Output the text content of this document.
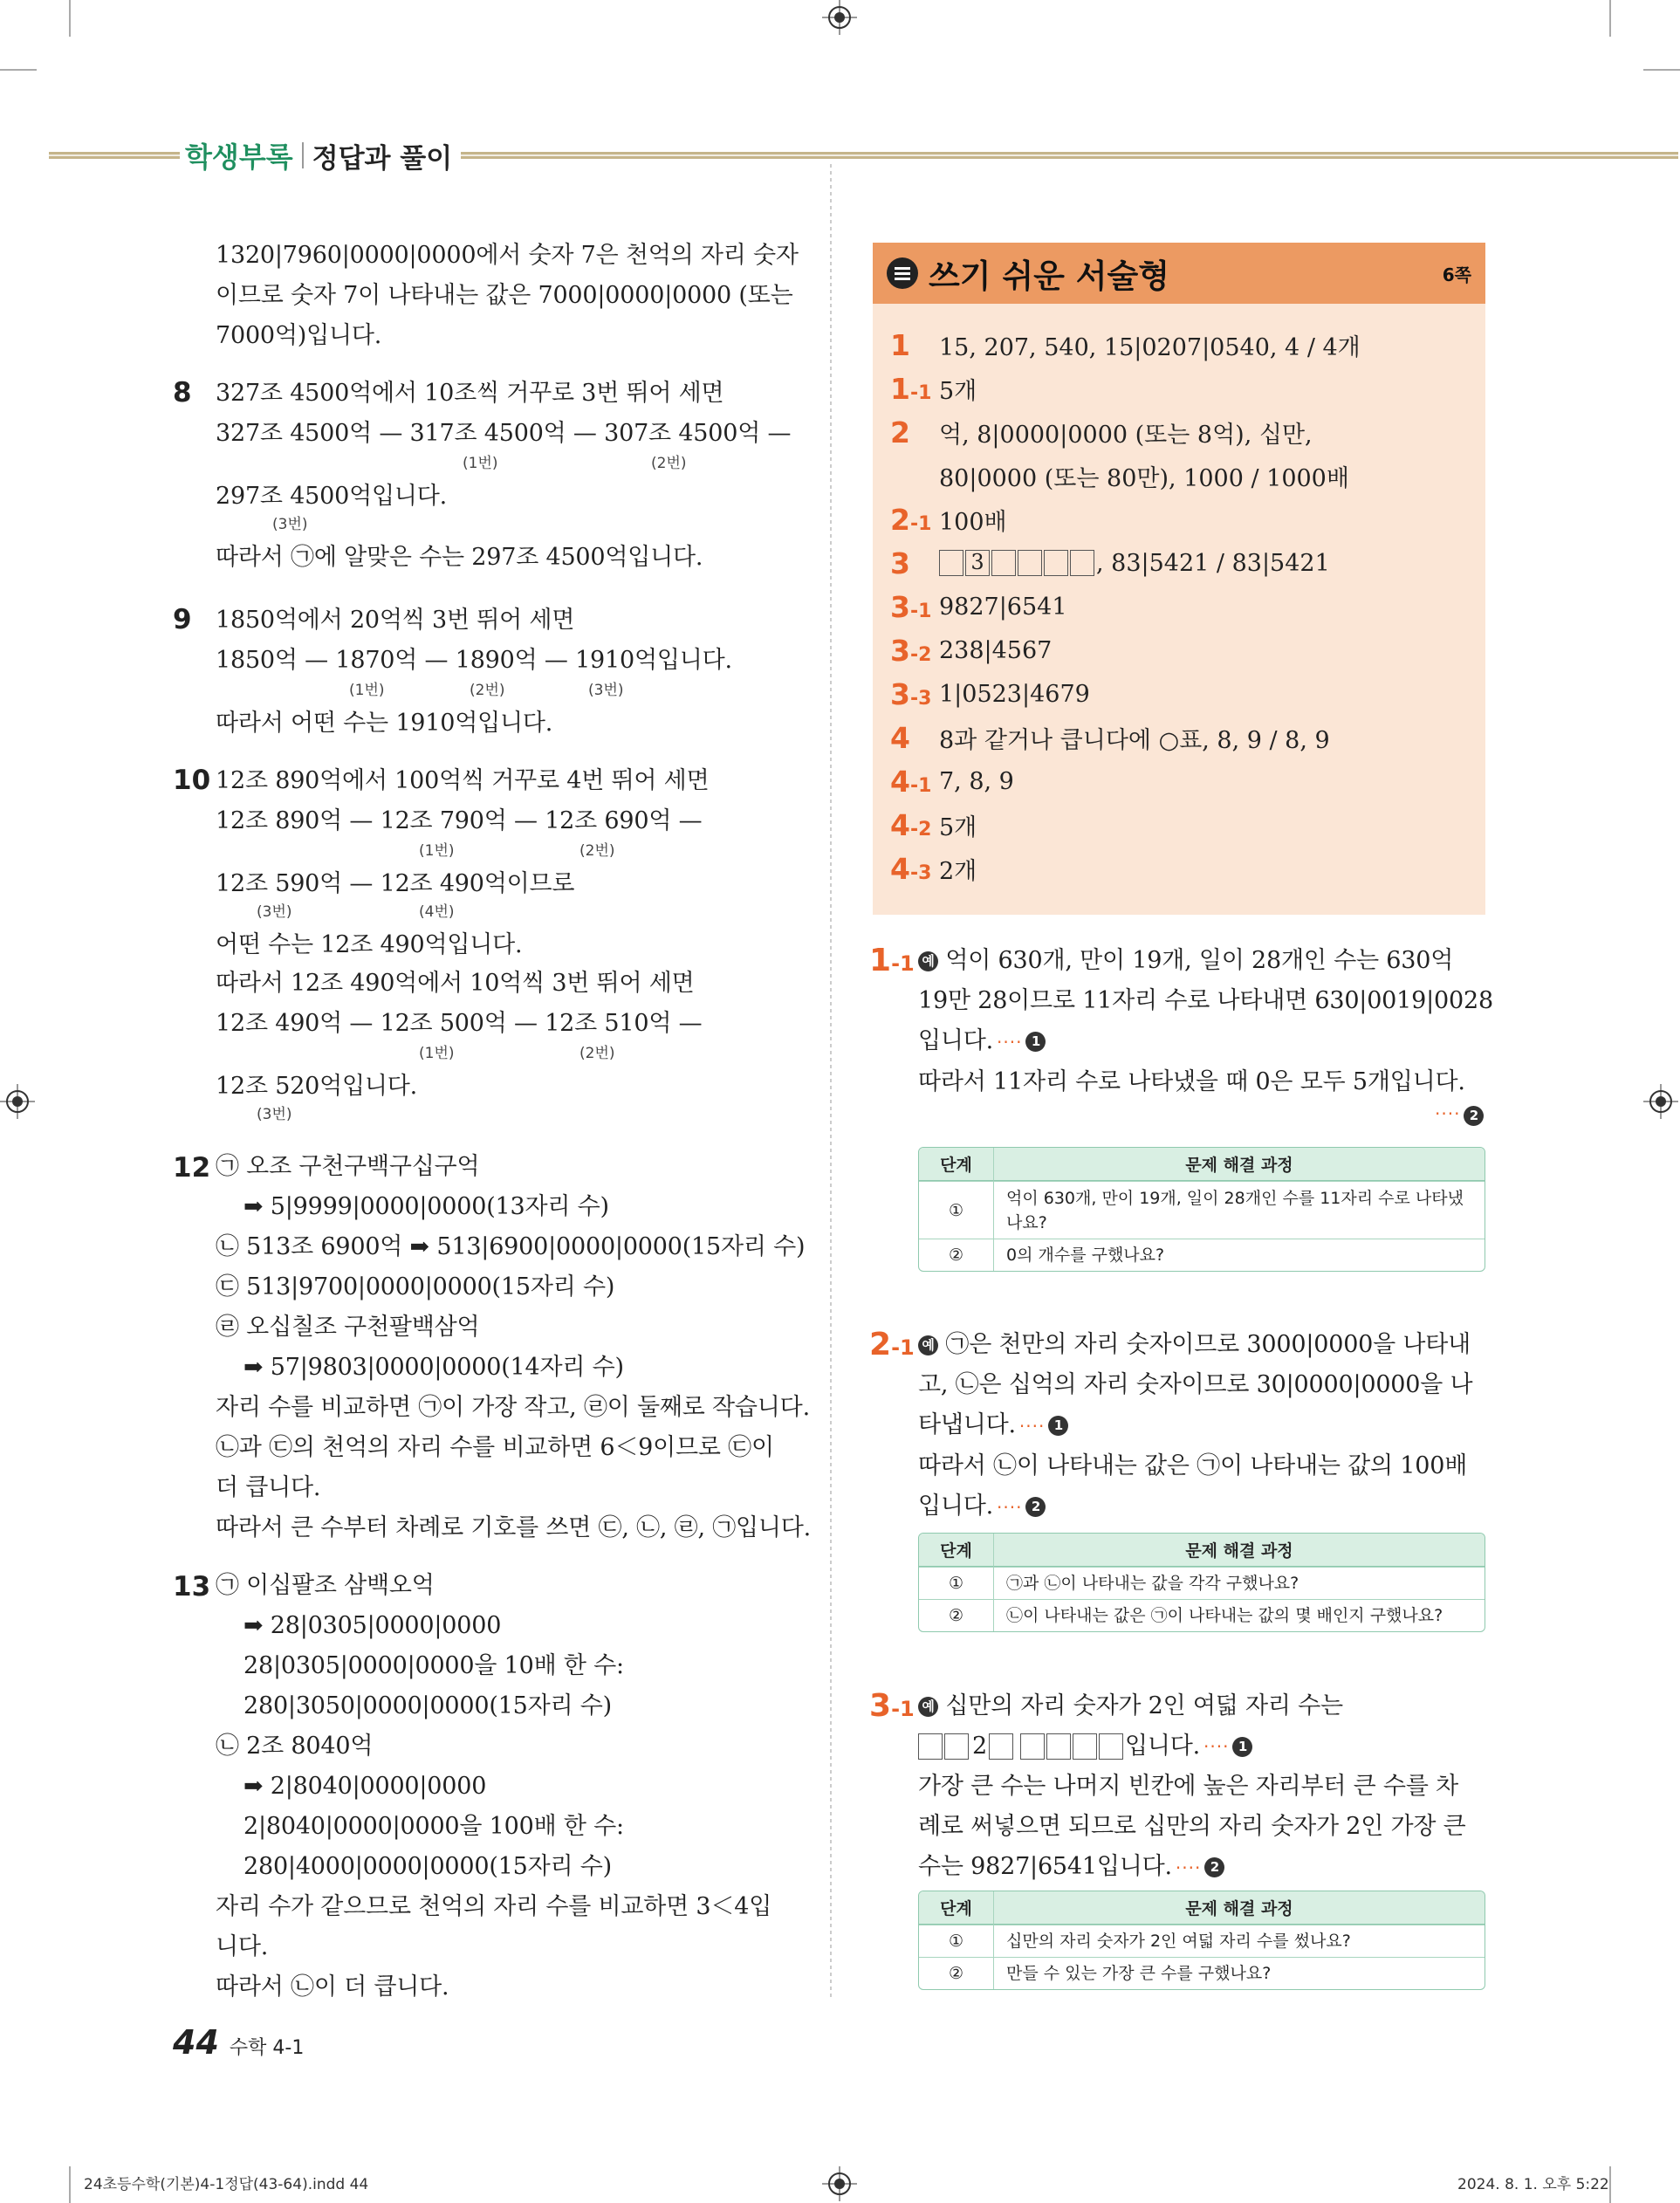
학생부록 정답과 풀이
1320|7960|0000|0000에서 숫자 7은 천억의 자리 숫자
이므로 숫자 7이 나타내는 값은 7000|0000|0000 (또는
7000억)입니다.
8 327조 4500억에서 10조씩 거꾸로 3번 뛰어 세면
327조 4500억 — 317조 4500억 — 307조 4500억 —
(1번)	(2번)
297조 4500억입니다.
(3번)
따라서 ㉠에 알맞은 수는 297조 4500억입니다.
9 1850억에서 20억씩 3번 뛰어 세면
1850억 — 1870억 — 1890억 — 1910억입니다.
(1번)	(2번)	(3번)
따라서 어떤 수는 1910억입니다.
10 12조 890억에서 100억씩 거꾸로 4번 뛰어 세면
12조 890억 — 12조 790억 — 12조 690억 —
(1번)	(2번)
12조 590억 — 12조 490억이므로
(3번)	(4번)
어떤 수는 12조 490억입니다.
따라서 12조 490억에서 10억씩 3번 뛰어 세면
12조 490억 — 12조 500억 — 12조 510억 —
(1번)	(2번)
12조 520억입니다.
(3번)
12 ㉠ 오조 구천구백구십구억
➡ 5|9999|0000|0000(13자리 수)
㉡ 513조 6900억 ➡ 513|6900|0000|0000(15자리 수)
㉢ 513|9700|0000|0000(15자리 수)
㉣ 오십칠조 구천팔백삼억
➡ 57|9803|0000|0000(14자리 수)
자리 수를 비교하면 ㉠이 가장 작고, ㉣이 둘째로 작습니다.
㉡과 ㉢의 천억의 자리 수를 비교하면 6＜9이므로 ㉢이
더 큽니다.
따라서 큰 수부터 차례로 기호를 쓰면 ㉢, ㉡, ㉣, ㉠입니다.
13 ㉠ 이십팔조 삼백오억
➡ 28|0305|0000|0000
28|0305|0000|0000을 10배 한 수:
280|3050|0000|0000(15자리 수)
㉡ 2조 8040억
➡ 2|8040|0000|0000
2|8040|0000|0000을 100배 한 수:
280|4000|0000|0000(15자리 수)
자리 수가 같으므로 천억의 자리 수를 비교하면 3＜4입
니다.
따라서 ㉡이 더 큽니다.
44 수학 4-1
쓰기 쉬운 서술형	6쪽
1	15, 207, 540, 15|0207|0540, 4 / 4개
1-1 5개
2	억, 8|0000|0000 (또는 8억), 십만,
80|0000 (또는 80만), 1000 / 1000배
2-1 100배
3	3	, 83|5421 / 83|5421
3-1 9827|6541
3-2 238|4567
3-3 1|0523|4679
4	8과 같거나 큽니다에 ○표, 8, 9 / 8, 9
4-1 7, 8, 9
4-2 5개
4-3 2개
1-1 예 억이 630개, 만이 19개, 일이 28개인 수는 630억
19만 28이므로 11자리 수로 나타내면 630|0019|0028
입니다. ···· 1
따라서 11자리 수로 나타냈을 때 0은 모두 5개입니다.
···· 2
단계	문제 해결 과정
①	억이 630개, 만이 19개, 일이 28개인 수를 11자리 수로 나타냈나요?
②	0의 개수를 구했나요?
2-1 예 ㉠은 천만의 자리 숫자이므로 3000|0000을 나타내
고, ㉡은 십억의 자리 숫자이므로 30|0000|0000을 나
타냅니다. ···· 1
따라서 ㉡이 나타내는 값은 ㉠이 나타내는 값의 100배
입니다. ···· 2
단계	문제 해결 과정
①	㉠과 ㉡이 나타내는 값을 각각 구했나요?
②	㉡이 나타내는 값은 ㉠이 나타내는 값의 몇 배인지 구했나요?
3-1 예 십만의 자리 숫자가 2인 여덟 자리 수는
2	입니다. ···· 1
가장 큰 수는 나머지 빈칸에 높은 자리부터 큰 수를 차
례로 써넣으면 되므로 십만의 자리 숫자가 2인 가장 큰
수는 9827|6541입니다. ···· 2
단계	문제 해결 과정
①	십만의 자리 숫자가 2인 여덟 자리 수를 썼나요?
②	만들 수 있는 가장 큰 수를 구했나요?
24초등수학(기본)4-1정답(43-64).indd 44	2024. 8. 1. 오후 5:22
